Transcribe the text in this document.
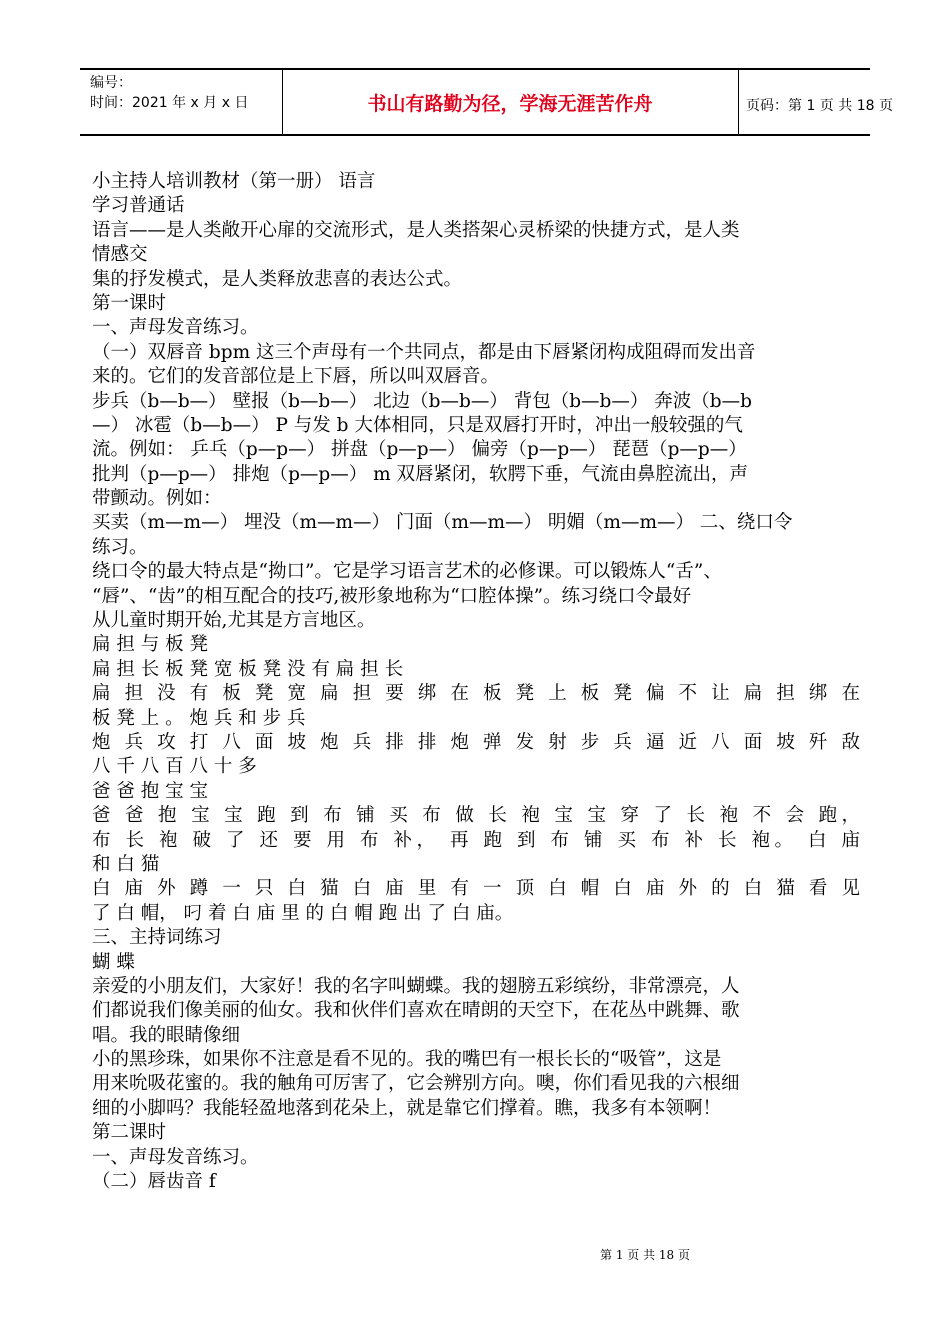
编号：
时间：2021 年 x 月 x 日	书山有路勤为径，学海无涯苦作舟	页码：第 1 页 共 18 页
小主持人培训教材（第一册） 语言
学习普通话
语言——是人类敞开心扉的交流形式，是人类搭架心灵桥梁的快捷方式，是人类
情感交
集的抒发模式，是人类释放悲喜的表达公式。
第一课时
一、声母发音练习。
（一）双唇音 bpm 这三个声母有一个共同点，都是由下唇紧闭构成阻碍而发出音
来的。它们的发音部位是上下唇，所以叫双唇音。
步兵（b—b—） 壁报（b—b—） 北边（b—b—） 背包（b—b—） 奔波（b—b
—） 冰雹（b—b—） P 与发 b 大体相同，只是双唇打开时，冲出一般较强的气
流。例如： 乒乓（p—p—） 拼盘（p—p—） 偏旁（p—p—） 琵琶（p—p—）
批判（p—p—） 排炮（p—p—） m 双唇紧闭，软腭下垂，气流由鼻腔流出，声
带颤动。例如：
买卖（m—m—） 埋没（m—m—） 门面（m—m—） 明媚（m—m—） 二、绕口令
练习。
绕口令的最大特点是“拗口”。它是学习语言艺术的必修课。可以锻炼人“舌”、
“唇”、“齿”的相互配合的技巧,被形象地称为“口腔体操”。练习绕口令最好
从儿童时期开始,尤其是方言地区。
扁 担 与 板 凳
扁 担 长 板 凳 宽 板 凳 没 有 扁 担 长
扁 担 没 有 板 凳 宽 扁 担 要 绑 在 板 凳 上 板 凳 偏 不 让 扁 担 绑 在
板 凳 上 。 炮 兵 和 步 兵
炮 兵 攻 打 八 面 坡 炮 兵 排 排 炮 弹 发 射 步 兵 逼 近 八 面 坡 歼 敌
八 千 八 百 八 十 多
爸 爸 抱 宝 宝
爸 爸 抱 宝 宝 跑 到 布 铺 买 布 做 长 袍 宝 宝 穿 了 长 袍 不 会 跑，
布 长 袍 破 了 还 要 用 布 补， 再 跑 到 布 铺 买 布 补 长 袍。 白 庙
和 白 猫
白 庙 外 蹲 一 只 白 猫 白 庙 里 有 一 顶 白 帽 白 庙 外 的 白 猫 看 见
了 白 帽， 叼 着 白 庙 里 的 白 帽 跑 出 了 白 庙。
三、主持词练习
蝴 蝶
亲爱的小朋友们，大家好！我的名字叫蝴蝶。我的翅膀五彩缤纷，非常漂亮，人
们都说我们像美丽的仙女。我和伙伴们喜欢在晴朗的天空下，在花丛中跳舞、歌
唱。我的眼睛像细
小的黑珍珠，如果你不注意是看不见的。我的嘴巴有一根长长的“吸管”，这是
用来吮吸花蜜的。我的触角可厉害了，它会辨别方向。噢，你们看见我的六根细
细的小脚吗？我能轻盈地落到花朵上，就是靠它们撑着。瞧，我多有本领啊！
第二课时
一、声母发音练习。
（二）唇齿音 f
第 1 页 共 18 页
